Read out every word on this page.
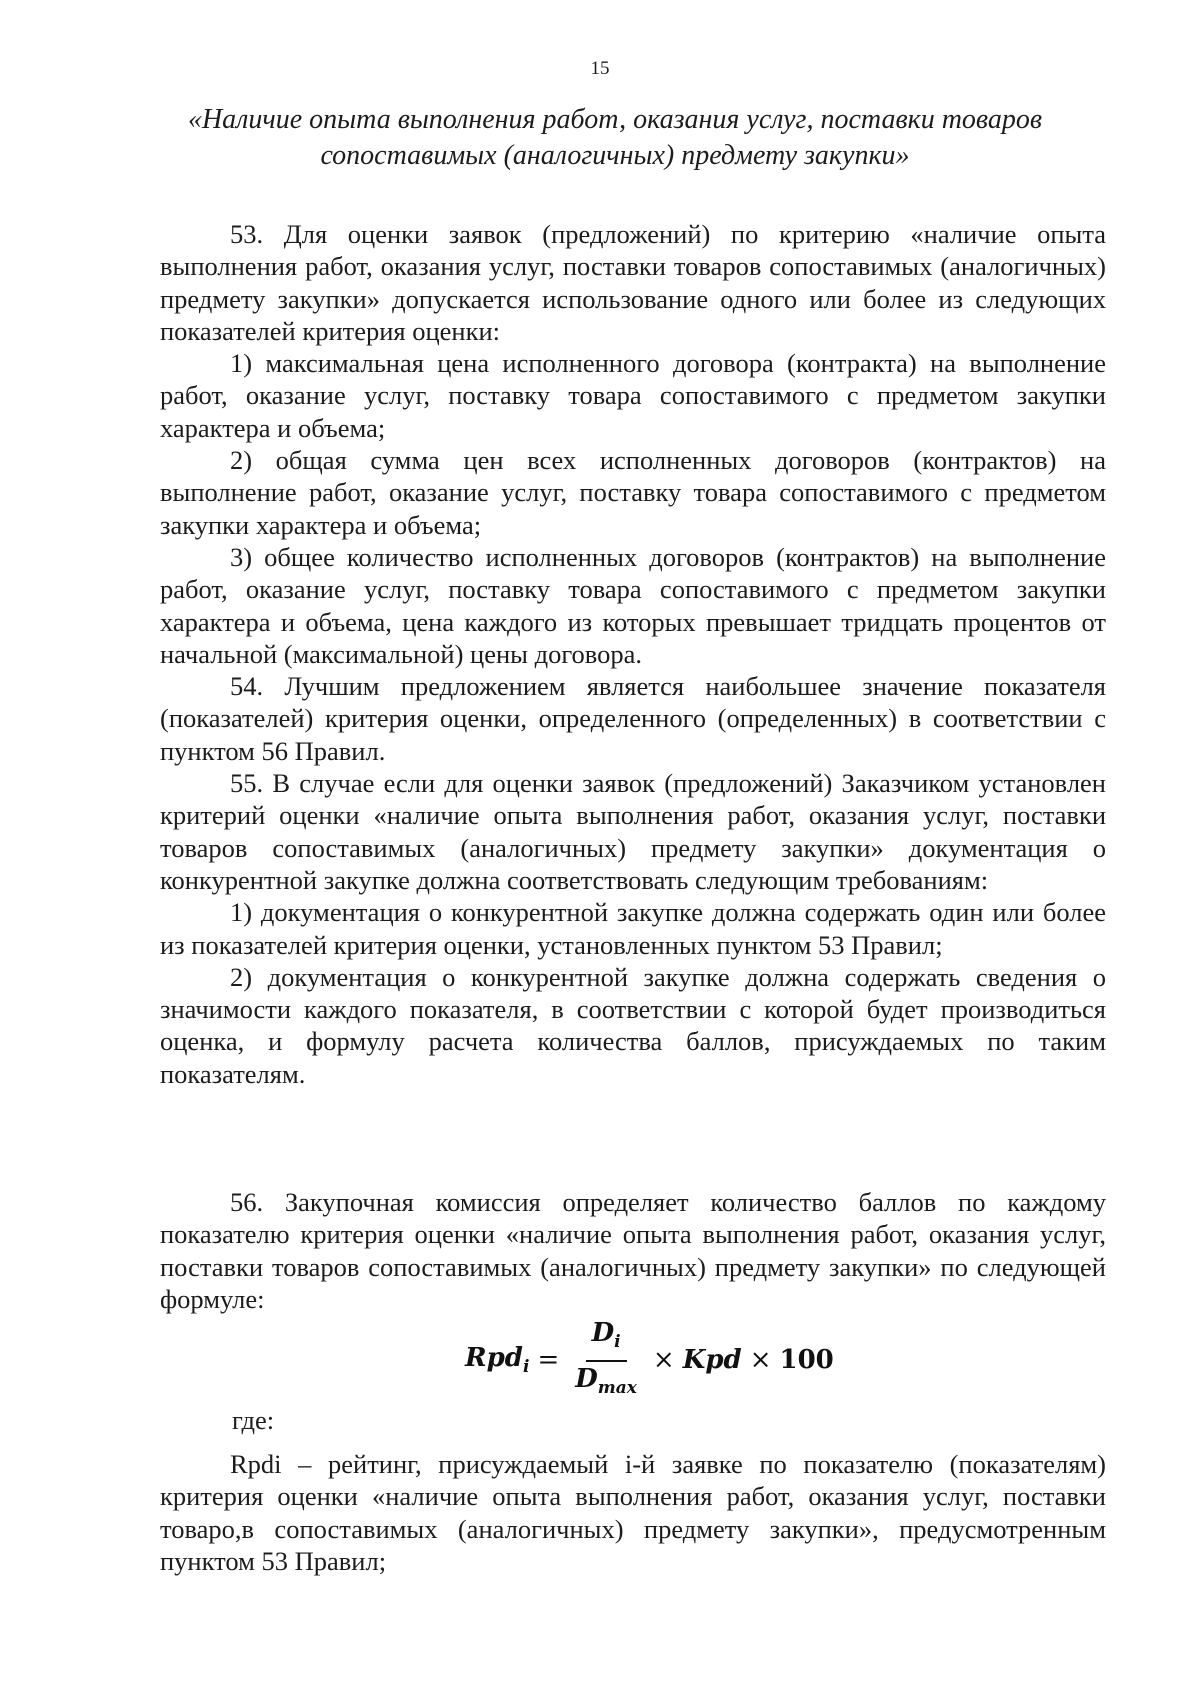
15
«Наличие опыта выполнения работ, оказания услуг, поставки товаров сопоставимых (аналогичных) предмету закупки»

53. Для оценки заявок (предложений) по критерию «наличие опыта выполнения работ, оказания услуг, поставки товаров сопоставимых (аналогичных) предмету закупки» допускается использование одного или более из следующих показателей критерия оценки:

1) максимальная цена исполненного договора (контракта) на выполнение работ, оказание услуг, поставку товара сопоставимого с предметом закупки характера и объема;

2) общая сумма цен всех исполненных договоров (контрактов) на выполнение работ, оказание услуг, поставку товара сопоставимого с предметом закупки характера и объема;

3) общее количество исполненных договоров (контрактов) на выполнение работ, оказание услуг, поставку товара сопоставимого с предметом закупки характера и объема, цена каждого из которых превышает тридцать процентов от начальной (максимальной) цены договора.

54. Лучшим предложением является наибольшее значение показателя (показателей) критерия оценки, определенного (определенных) в соответствии с пунктом 56 Правил.

55. В случае если для оценки заявок (предложений) Заказчиком установлен критерий оценки «наличие опыта выполнения работ, оказания услуг, поставки товаров сопоставимых (аналогичных) предмету закупки» документация о конкурентной закупке должна соответствовать следующим требованиям:

1) документация о конкурентной закупке должна содержать один или более из показателей критерия оценки, установленных пунктом 53 Правил;

2) документация о конкурентной закупке должна содержать сведения о значимости каждого показателя, в соответствии с которой будет производиться оценка, и формулу расчета количества баллов, присуждаемых по таким показателям.

56. Закупочная комиссия определяет количество баллов по каждому показателю критерия оценки «наличие опыта выполнения работ, оказания услуг, поставки товаров сопоставимых (аналогичных) предмету закупки» по следующей формуле:

$Rpd_i = \frac{D_i}{D_{max}}$ × Kpd × 100
где:

Rpdi – рейтинг, присуждаемый i-й заявке по показателю (показателям) критерия оценки «наличие опыта выполнения работ, оказания услуг, поставки товаро,в сопоставимых (аналогичных) предмету закупки», предусмотренным пунктом 53 Правил;
